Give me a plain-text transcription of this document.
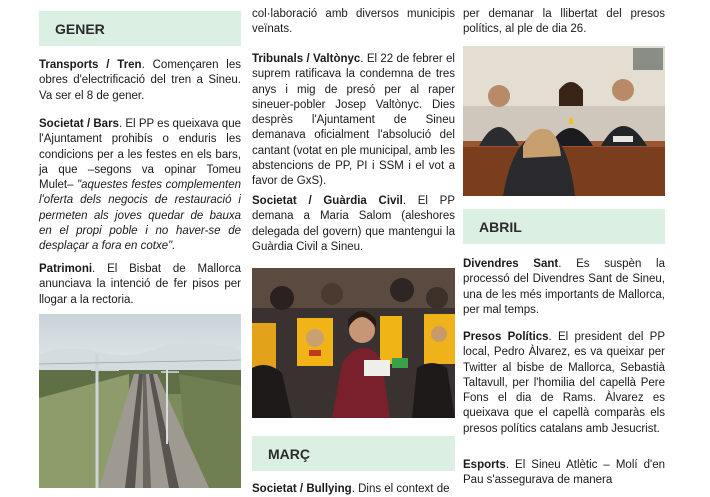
GENER
Transports / Tren. Començaren les obres d'electrificació del tren a Sineu. Va ser el 8 de gener.
Societat / Bars. El PP es queixava que l'Ajuntament prohibís o enduris les condicions per a les festes en els bars, ja que –segons va opinar Tomeu Mulet– "aquestes festes complementen l'oferta dels negocis de restauració i permeten als joves quedar de bauxa en el propi poble i no haver-se de desplaçar a fora en cotxe".
Patrimoni. El Bisbat de Mallorca anunciava la intenció de fer pisos per llogar a la rectoria.
col·laboració amb diversos municipis veïnats.
Tribunals / Valtònyc. El 22 de febrer el suprem ratificava la condemna de tres anys i mig de presó per al raper sineuer-pobler Josep Valtònyc. Dies desprès l'Ajuntament de Sineu demanava oficialment l'absolució del cantant (votat en ple municipal, amb les abstencions de PP, PI i SSM i el vot a favor de GxS).
Societat / Guàrdia Civil. El PP demana a Maria Salom (aleshores delegada del govern) que mantengui la Guàrdia Civil a Sineu.
MARÇ
Societat / Bullying. Dins el context de
per demanar la llibertat del presos polítics, al ple de dia 26.
ABRIL
Divendres Sant. Es suspèn la processó del Divendres Sant de Sineu, una de les més importants de Mallorca, per mal temps.
Presos Polítics. El president del PP local, Pedro Àlvarez, es va queixar per Twitter al bisbe de Mallorca, Sebastià Taltavull, per l'homilia del capellà Pere Fons el dia de Rams. Àlvarez es queixava que el capellà comparàs els presos polítics catalans amb Jesucrist.
Esports. El Sineu Atlètic – Molí d'en Pau s'assegurava de manera
